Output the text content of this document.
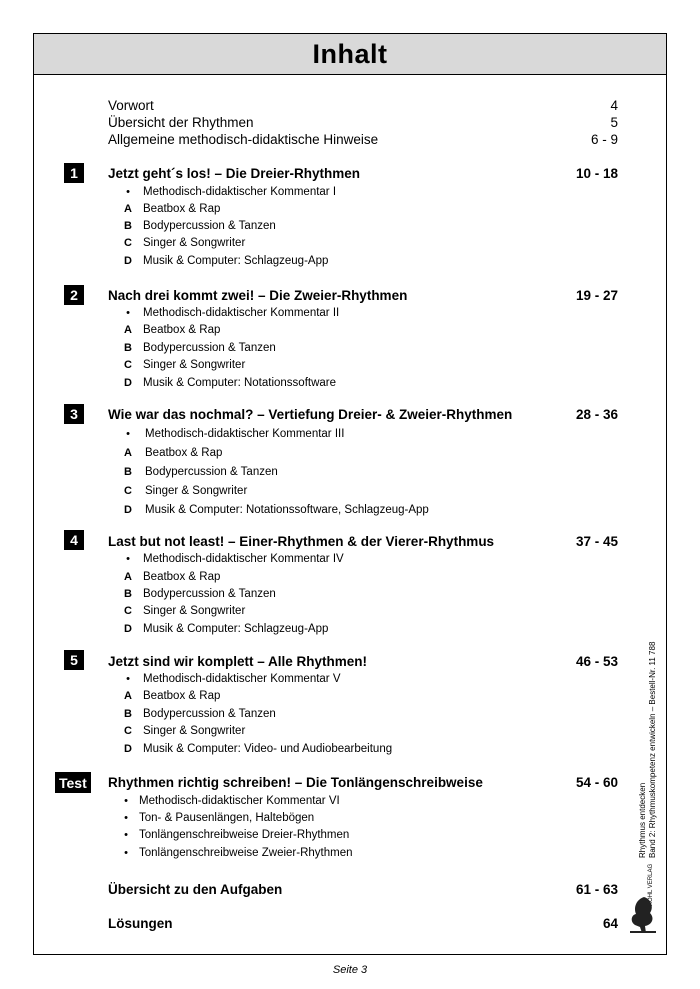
Inhalt
Vorwort	4
Übersicht der Rhythmen	5
Allgemeine methodisch-didaktische Hinweise	6 - 9
1	Jetzt geht´s los! – Die Dreier-Rhythmen	10 - 18
•	Methodisch-didaktischer Kommentar I
A Beatbox & Rap
B Bodypercussion & Tanzen
C Singer & Songwriter
D Musik & Computer: Schlagzeug-App
2	Nach drei kommt zwei! – Die Zweier-Rhythmen	19 - 27
•	Methodisch-didaktischer Kommentar II
A Beatbox & Rap
B Bodypercussion & Tanzen
C Singer & Songwriter
D Musik & Computer: Notationssoftware
3	Wie war das nochmal? – Vertiefung Dreier- & Zweier-Rhythmen	28 - 36
•	Methodisch-didaktischer Kommentar III
A Beatbox & Rap
B Bodypercussion & Tanzen
C Singer & Songwriter
D Musik & Computer: Notationssoftware, Schlagzeug-App
4	Last but not least! – Einer-Rhythmen & der Vierer-Rhythmus	37 - 45
•	Methodisch-didaktischer Kommentar IV
A Beatbox & Rap
B Bodypercussion & Tanzen
C Singer & Songwriter
D Musik & Computer: Schlagzeug-App
5	Jetzt sind wir komplett – Alle Rhythmen!	46 - 53
•	Methodisch-didaktischer Kommentar V
A Beatbox & Rap
B Bodypercussion & Tanzen
C Singer & Songwriter
D Musik & Computer: Video- und Audiobearbeitung
Test Rhythmen richtig schreiben! – Die Tonlängenschreibweise	54 - 60
• Methodisch-didaktischer Kommentar VI
• Ton- & Pausenlängen, Haltebögen
• Tonlängenschreibweise Dreier-Rhythmen
• Tonlängenschreibweise Zweier-Rhythmen
Übersicht zu den Aufgaben	61 - 63
Lösungen	64
Rhythmus entdecken Band 2: Rhythmuskompetenz entwickeln – Bestell-Nr. 11 788
KOHL VERLAG
Seite 3
